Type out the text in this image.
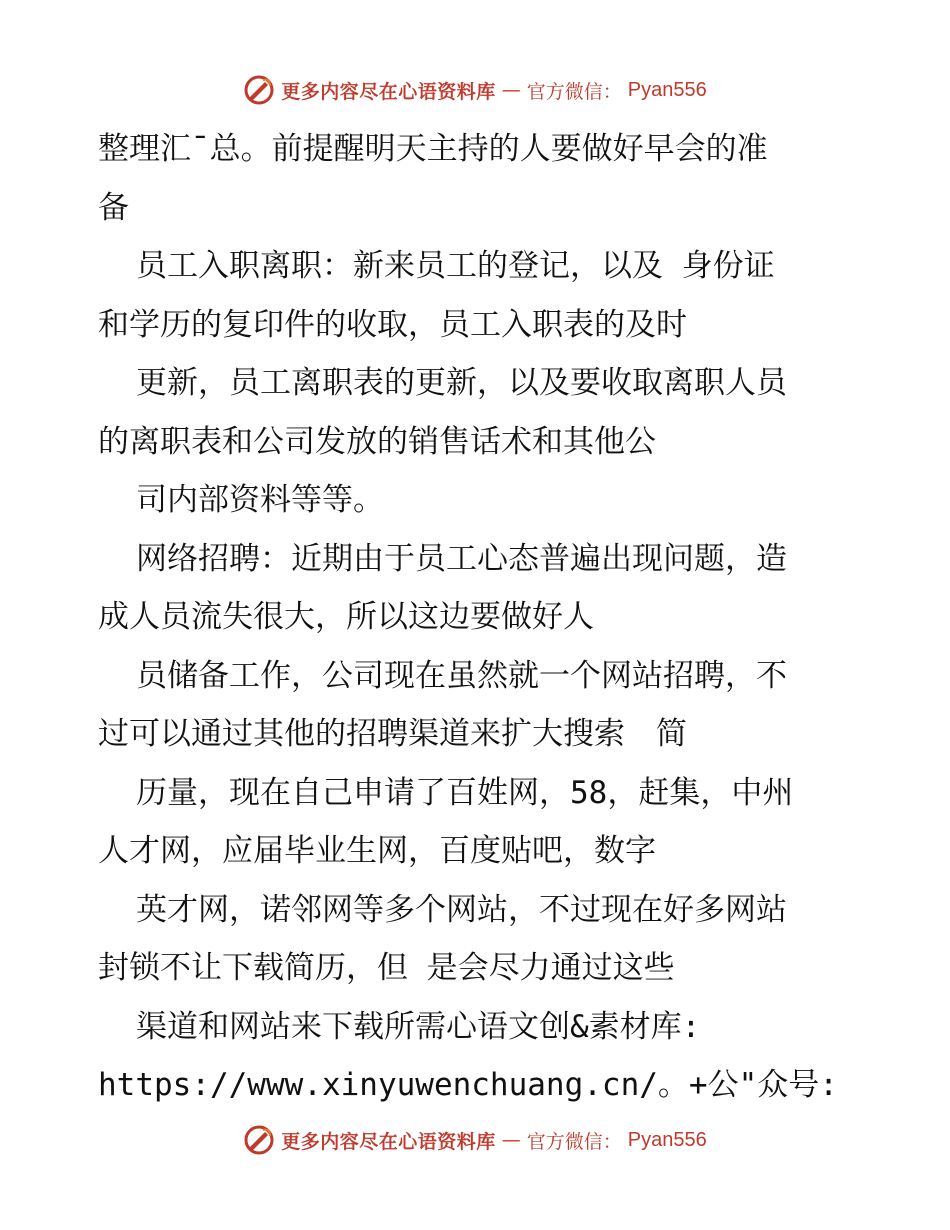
更多内容尽在心语资料库 — 官方微信： Pyan556
整理汇¯总。前提醒明天主持的人要做好早会的准
备
员工入职离职：新来员工的登记，以及 身份证
和学历的复印件的收取，员工入职表的及时
更新，员工离职表的更新，以及要收取离职人员
的离职表和公司发放的销售话术和其他公
司内部资料等等。
网络招聘：近期由于员工心态普遍出现问题，造
成人员流失很大，所以这边要做好人
员储备工作，公司现在虽然就一个网站招聘，不
过可以通过其他的招聘渠道来扩大搜索　简
历量，现在自己申请了百姓网，58，赶集，中州
人才网，应届毕业生网，百度贴吧，数字
英才网，诺邻网等多个网站，不过现在好多网站
封锁不让下载简历，但 是会尽力通过这些
渠道和网站来下载所需心语文创&素材库:
https://www.xinyuwenchuang.cn/。+公"众号:
更多内容尽在心语资料库 — 官方微信： Pyan556
